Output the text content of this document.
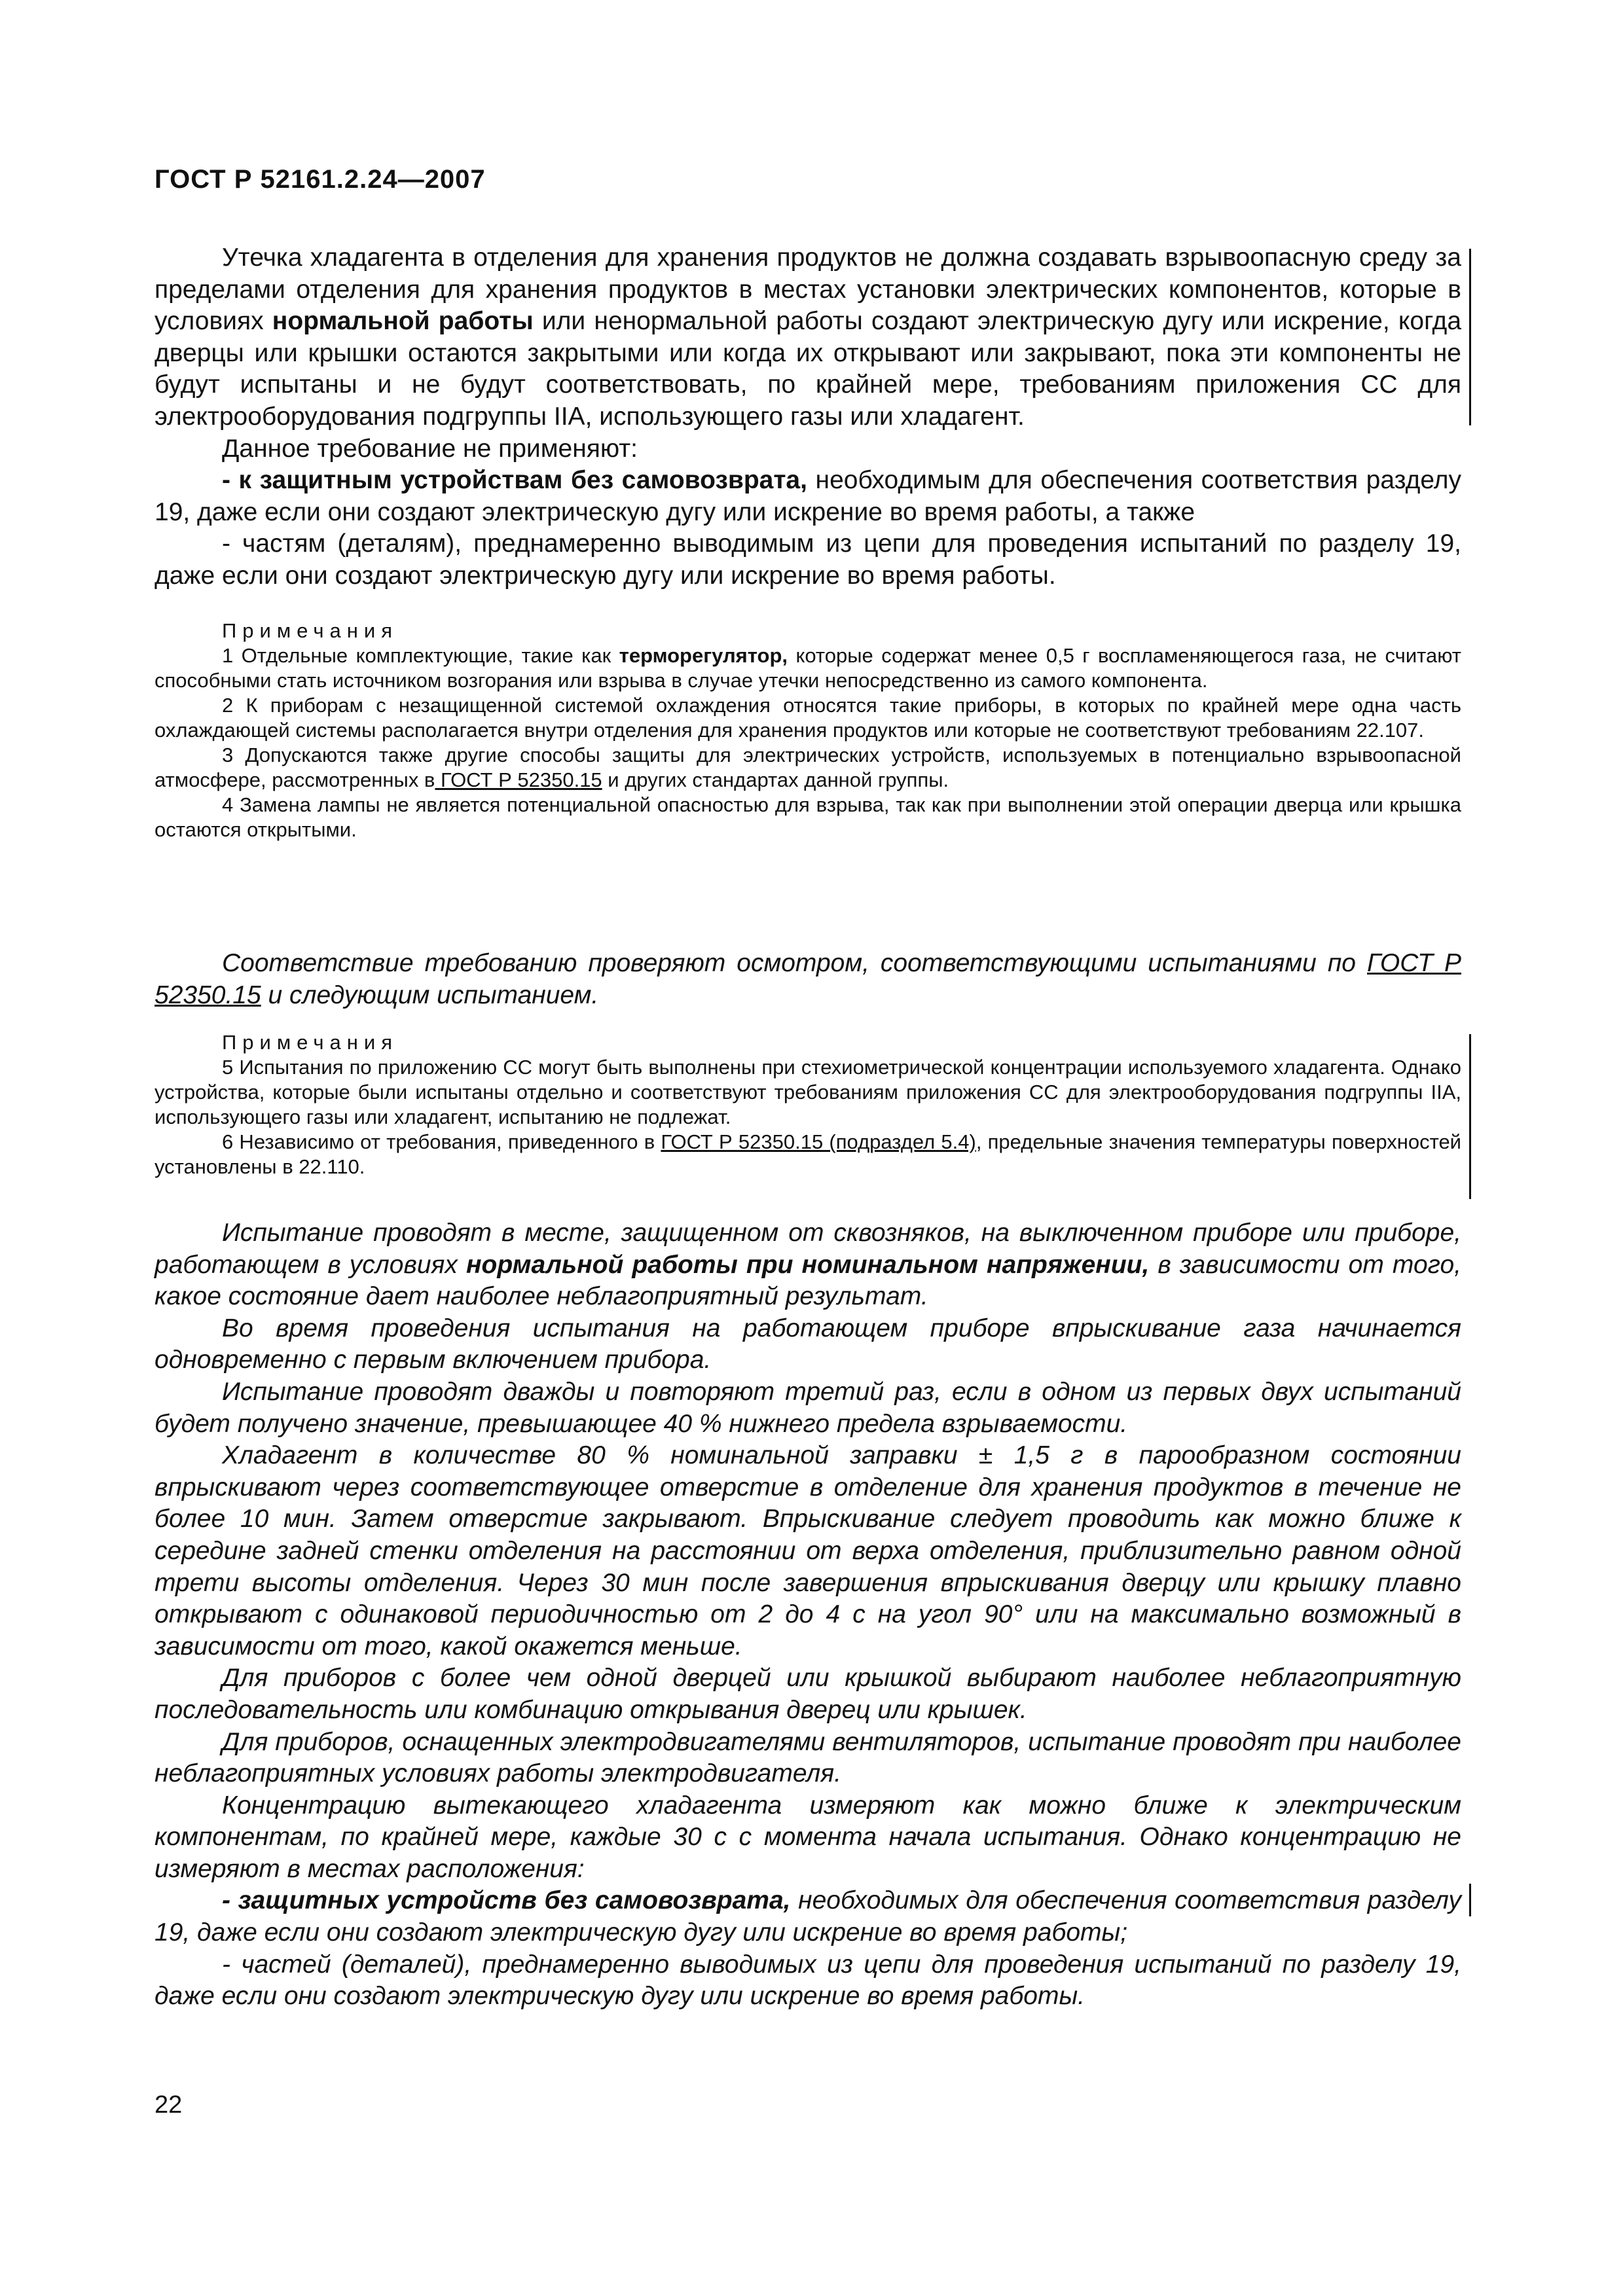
ГОСТ Р 52161.2.24—2007

Утечка хладагента в отделения для хранения продуктов не должна создавать взрывоопасную среду за пределами отделения для хранения продуктов в местах установки электрических компонентов, которые в условиях нормальной работы или ненормальной работы создают электрическую дугу или искрение, когда дверцы или крышки остаются закрытыми или когда их открывают или закрывают, пока эти компоненты не будут испытаны и не будут соответствовать, по крайней мере, требованиям приложения СС для электрооборудования подгруппы IIA, использующего газы или хладагент.

Данное требование не применяют:

- к защитным устройствам без самовозврата, необходимым для обеспечения соответствия разделу 19, даже если они создают электрическую дугу или искрение во время работы, а также

- частям (деталям), преднамеренно выводимым из цепи для проведения испытаний по разделу 19, даже если они создают электрическую дугу или искрение во время работы.

Примечания

1 Отдельные комплектующие, такие как терморегулятор, которые содержат менее 0,5 г воспламеняющегося газа, не считают способными стать источником возгорания или взрыва в случае утечки непосредственно из самого компонента.

2 К приборам с незащищенной системой охлаждения относятся такие приборы, в которых по крайней мере одна часть охлаждающей системы располагается внутри отделения для хранения продуктов или которые не соответствуют требованиям 22.107.

3 Допускаются также другие способы защиты для электрических устройств, используемых в потенциально взрывоопасной атмосфере, рассмотренных в ГОСТ Р 52350.15 и других стандартах данной группы.

4 Замена лампы не является потенциальной опасностью для взрыва, так как при выполнении этой операции дверца или крышка остаются открытыми.

Соответствие требованию проверяют осмотром, соответствующими испытаниями по ГОСТ Р 52350.15 и следующим испытанием.

Примечания

5 Испытания по приложению СС могут быть выполнены при стехиометрической концентрации используемого хладагента. Однако устройства, которые были испытаны отдельно и соответствуют требованиям приложения СС для электрооборудования подгруппы IIA, использующего газы или хладагент, испытанию не подлежат.

6 Независимо от требования, приведенного в ГОСТ Р 52350.15 (подраздел 5.4), предельные значения температуры поверхностей установлены в 22.110.

Испытание проводят в месте, защищенном от сквозняков, на выключенном приборе или приборе, работающем в условиях нормальной работы при номинальном напряжении, в зависимости от того, какое состояние дает наиболее неблагоприятный результат.

Во время проведения испытания на работающем приборе впрыскивание газа начинается одновременно с первым включением прибора.

Испытание проводят дважды и повторяют третий раз, если в одном из первых двух испытаний будет получено значение, превышающее 40 % нижнего предела взрываемости.

Хладагент в количестве 80 % номинальной заправки ± 1,5 г в парообразном состоянии впрыскивают через соответствующее отверстие в отделение для хранения продуктов в течение не более 10 мин. Затем отверстие закрывают. Впрыскивание следует проводить как можно ближе к середине задней стенки отделения на расстоянии от верха отделения, приблизительно равном одной трети высоты отделения. Через 30 мин после завершения впрыскивания дверцу или крышку плавно открывают с одинаковой периодичностью от 2 до 4 с на угол 90° или на максимально возможный в зависимости от того, какой окажется меньше.

Для приборов с более чем одной дверцей или крышкой выбирают наиболее неблагоприятную последовательность или комбинацию открывания дверец или крышек.

Для приборов, оснащенных электродвигателями вентиляторов, испытание проводят при наиболее неблагоприятных условиях работы электродвигателя.

Концентрацию вытекающего хладагента измеряют как можно ближе к электрическим компонентам, по крайней мере, каждые 30 с с момента начала испытания. Однако концентрацию не измеряют в местах расположения:

- защитных устройств без самовозврата, необходимых для обеспечения соответствия разделу 19, даже если они создают электрическую дугу или искрение во время работы;

- частей (деталей), преднамеренно выводимых из цепи для проведения испытаний по разделу 19, даже если они создают электрическую дугу или искрение во время работы.

22
